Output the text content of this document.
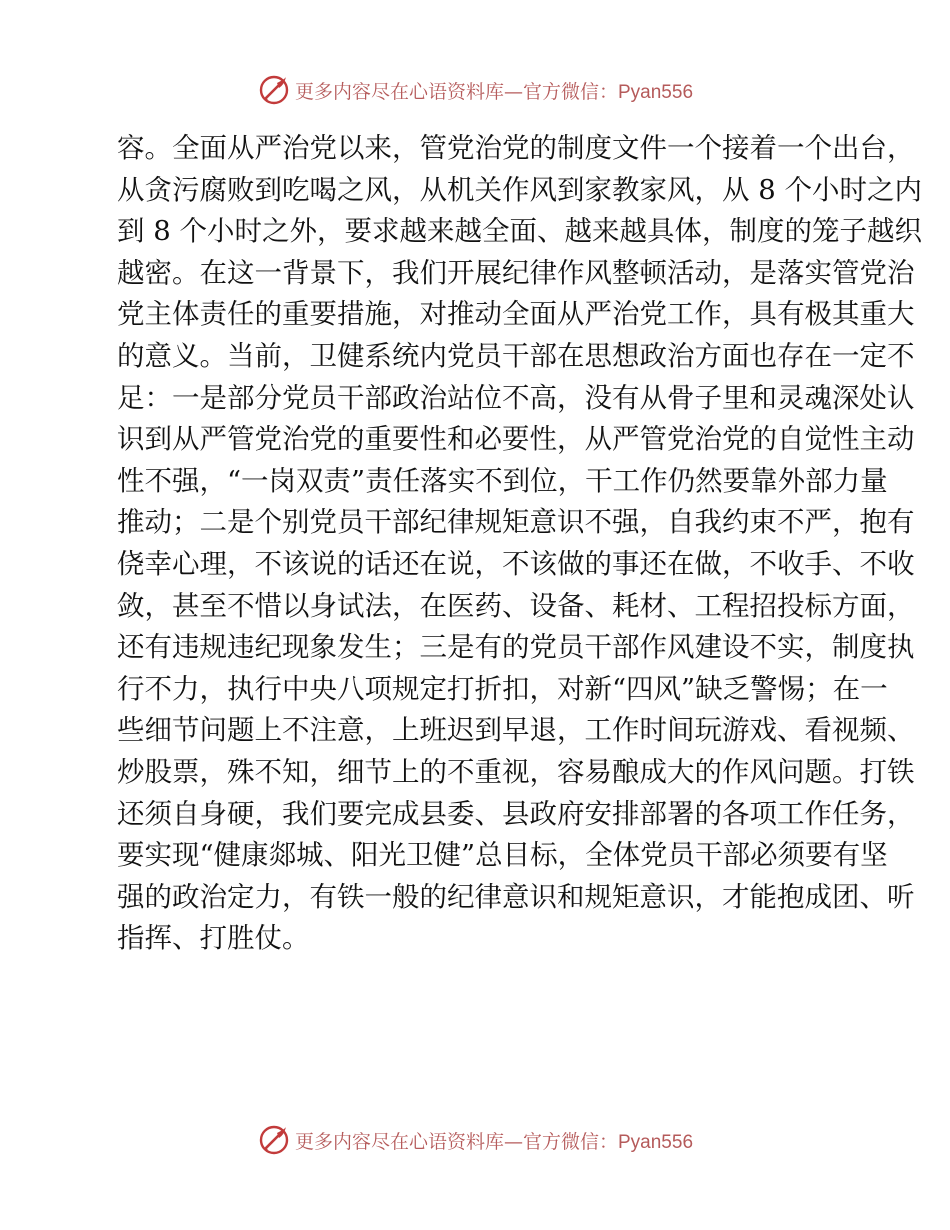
更多内容尽在心语资料库—官方微信：Pyan556
容。全面从严治党以来，管党治党的制度文件一个接着一个出台，
从贪污腐败到吃喝之风，从机关作风到家教家风，从 8 个小时之内
到 8 个小时之外，要求越来越全面、越来越具体，制度的笼子越织
越密。在这一背景下，我们开展纪律作风整顿活动，是落实管党治
党主体责任的重要措施，对推动全面从严治党工作，具有极其重大
的意义。当前，卫健系统内党员干部在思想政治方面也存在一定不
足：一是部分党员干部政治站位不高，没有从骨子里和灵魂深处认
识到从严管党治党的重要性和必要性，从严管党治党的自觉性主动
性不强，“一岗双责”责任落实不到位，干工作仍然要靠外部力量
推动；二是个别党员干部纪律规矩意识不强，自我约束不严，抱有
侥幸心理，不该说的话还在说，不该做的事还在做，不收手、不收
敛，甚至不惜以身试法，在医药、设备、耗材、工程招投标方面，
还有违规违纪现象发生；三是有的党员干部作风建设不实，制度执
行不力，执行中央八项规定打折扣，对新“四风”缺乏警惕；在一
些细节问题上不注意，上班迟到早退，工作时间玩游戏、看视频、
炒股票，殊不知，细节上的不重视，容易酿成大的作风问题。打铁
还须自身硬，我们要完成县委、县政府安排部署的各项工作任务，
要实现“健康郯城、阳光卫健”总目标，全体党员干部必须要有坚
强的政治定力，有铁一般的纪律意识和规矩意识，才能抱成团、听
指挥、打胜仗。
更多内容尽在心语资料库—官方微信：Pyan556
